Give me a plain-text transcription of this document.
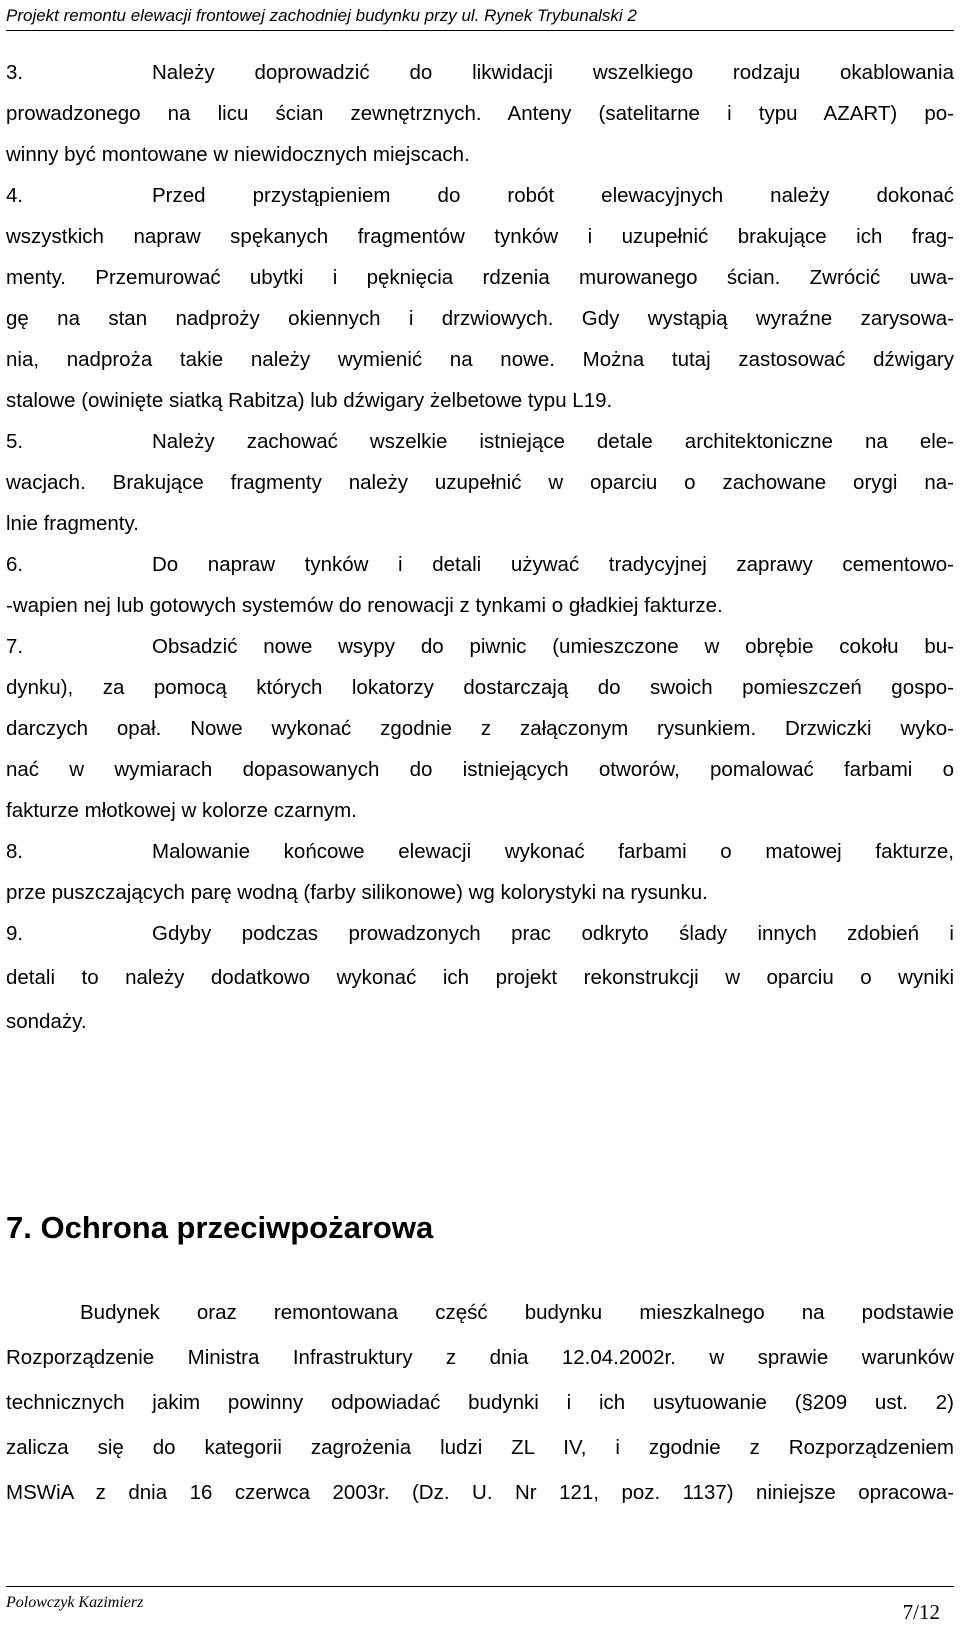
Projekt remontu elewacji frontowej zachodniej budynku przy ul. Rynek Trybunalski 2
3.	Należy doprowadzić do likwidacji wszelkiego rodzaju okablowania
prowadzonego na licu ścian zewnętrznych. Anteny (satelitarne i typu AZART) po-
winny być montowane w niewidocznych miejscach.
4.	Przed przystąpieniem do robót elewacyjnych należy dokonać
wszystkich napraw spękanych fragmentów tynków i uzupełnić brakujące ich frag-
menty. Przemurować ubytki i pęknięcia rdzenia murowanego ścian. Zwrócić uwa-
gę na stan nadproży okiennych i drzwiowych. Gdy wystąpią wyraźne zarysowa-
nia, nadproża takie należy wymienić na nowe. Można tutaj zastosować dźwigary
stalowe (owinięte siatką Rabitza) lub dźwigary żelbetowe typu L19.
5.	Należy zachować wszelkie istniejące detale architektoniczne na ele-
wacjach. Brakujące fragmenty należy uzupełnić w oparciu o zachowane orygi na-
lnie fragmenty.
6.	Do napraw tynków i detali używać tradycyjnej zaprawy cementowo-
-wapien nej lub gotowych systemów do renowacji z tynkami o gładkiej fakturze.
7.	Obsadzić nowe wsypy do piwnic (umieszczone w obrębie cokołu bu-
dynku), za pomocą których lokatorzy dostarczają do swoich pomieszczeń gospo-
darczych opał. Nowe wykonać zgodnie z załączonym rysunkiem. Drzwiczki wyko-
nać w wymiarach dopasowanych do istniejących otworów, pomalować farbami o
fakturze młotkowej w kolorze czarnym.
8.	Malowanie końcowe elewacji wykonać farbami o matowej fakturze,
prze puszczających parę wodną (farby silikonowe) wg kolorystyki na rysunku.
9.	Gdyby podczas prowadzonych prac odkryto ślady innych zdobień i
detali to należy dodatkowo wykonać ich projekt rekonstrukcji w oparciu o wyniki
sondaży.
7. Ochrona przeciwpożarowa
Budynek oraz remontowana część budynku mieszkalnego na podstawie
Rozporządzenie Ministra Infrastruktury z dnia 12.04.2002r. w sprawie warunków
technicznych jakim powinny odpowiadać budynki i ich usytuowanie (§209 ust. 2)
zalicza się do kategorii zagrożenia ludzi ZL IV, i zgodnie z Rozporządzeniem
MSWiA z dnia 16 czerwca 2003r. (Dz. U. Nr 121, poz. 1137) niniejsze opracowa-
Polowczyk Kazimierz	7/12
